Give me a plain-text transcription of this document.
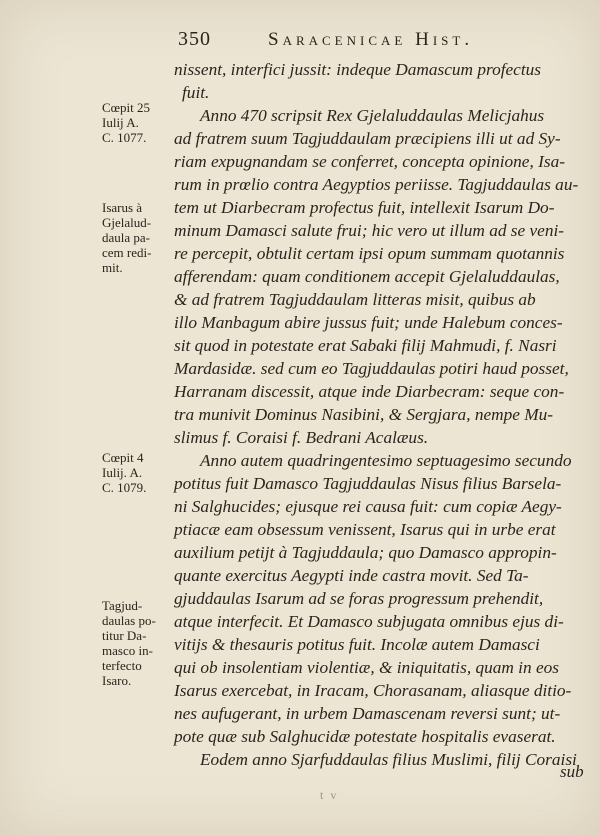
350	Saracenicae Hist.
Cœpit 25
Iulij A.
C. 1077.
Isarus à
Gjelalud-
daula pa-
cem redi-
mit.
Cœpit 4
Iulij. A.
C. 1079.
Tagjud-
daulas po-
titur Da-
masco in-
terfecto
Isaro.
nissent, interfici jussit: indeque Damascum profectus
fuit.
Anno 470 scripsit Rex Gjelaluddaulas Melicjahus
ad fratrem suum Tagjuddaulam præcipiens illi ut ad Sy-
riam expugnandam se conferret, concepta opinione, Isa-
rum in prœlio contra Aegyptios periisse. Tagjuddaulas au-
tem ut Diarbecram profectus fuit, intellexit Isarum Do-
minum Damasci salute frui; hic vero ut illum ad se veni-
re percepit, obtulit certam ipsi opum summam quotannis
afferendam: quam conditionem accepit Gjelaluddaulas,
& ad fratrem Tagjuddaulam litteras misit, quibus ab
illo Manbagum abire jussus fuit; unde Halebum conces-
sit quod in potestate erat Sabaki filij Mahmudi, f. Nasri
Mardasidæ. sed cum eo Tagjuddaulas potiri haud posset,
Harranam discessit, atque inde Diarbecram: seque con-
tra munivit Dominus Nasibini, & Sergjara, nempe Mu-
slimus f. Coraisi f. Bedrani Acalæus.
Anno autem quadringentesimo septuagesimo secundo
potitus fuit Damasco Tagjuddaulas Nisus filius Barsela-
ni Salghucides; ejusque rei causa fuit: cum copiæ Aegy-
ptiacæ eam obsessum venissent, Isarus qui in urbe erat
auxilium petijt à Tagjuddaula; quo Damasco appropin-
quante exercitus Aegypti inde castra movit. Sed Ta-
gjuddaulas Isarum ad se foras progressum prehendit,
atque interfecit. Et Damasco subjugata omnibus ejus di-
vitijs & thesauris potitus fuit. Incolæ autem Damasci
qui ob insolentiam violentiæ, & iniquitatis, quam in eos
Isarus exercebat, in Iracam, Chorasanam, aliasque ditio-
nes aufugerant, in urbem Damascenam reversi sunt; ut-
pote quæ sub Salghucidæ potestate hospitalis evaserat.
Eodem anno Sjarfuddaulas filius Muslimi, filij Coraisi
sub
t v
